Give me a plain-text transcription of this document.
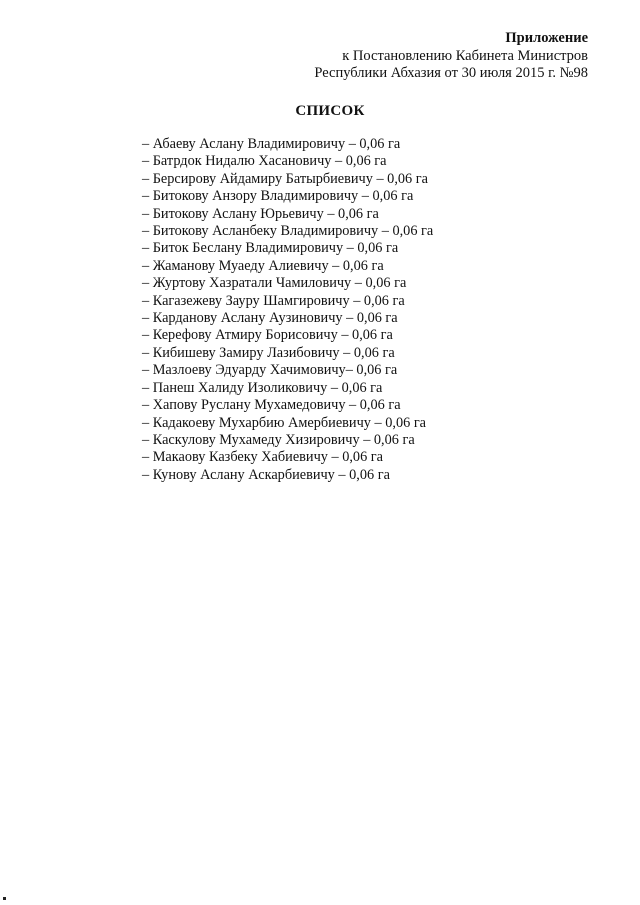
Приложение
к Постановлению Кабинета Министров
Республики Абхазия от 30 июля 2015 г. №98
СПИСОК
– Абаеву Аслану Владимировичу – 0,06 га
– Батрдок Нидалю Хасановичу – 0,06 га
– Берсирову Айдамиру Батырбиевичу – 0,06 га
– Битокову Анзору Владимировичу – 0,06 га
– Битокову Аслану Юрьевичу – 0,06 га
– Битокову Асланбеку Владимировичу – 0,06 га
– Биток Беслану Владимировичу – 0,06 га
– Жаманову Муаеду Алиевичу – 0,06 га
– Журтову Хазратали Чамиловичу – 0,06 га
– Кагазежеву Зауру Шамгировичу – 0,06 га
– Карданову Аслану Аузиновичу – 0,06 га
– Керефову Атмиру Борисовичу – 0,06 га
– Кибишеву Замиру Лазибовичу – 0,06 га
– Мазлоеву Эдуарду Хачимовичу– 0,06 га
– Панеш Халиду Изоликовичу – 0,06 га
– Хапову Руслану Мухамедовичу – 0,06 га
– Кадакоеву Мухарбию Амербиевичу – 0,06 га
– Каскулову Мухамеду Хизировичу – 0,06 га
– Макаову Казбеку Хабиевичу – 0,06 га
– Кунову Аслану Аскарбиевичу – 0,06 га
